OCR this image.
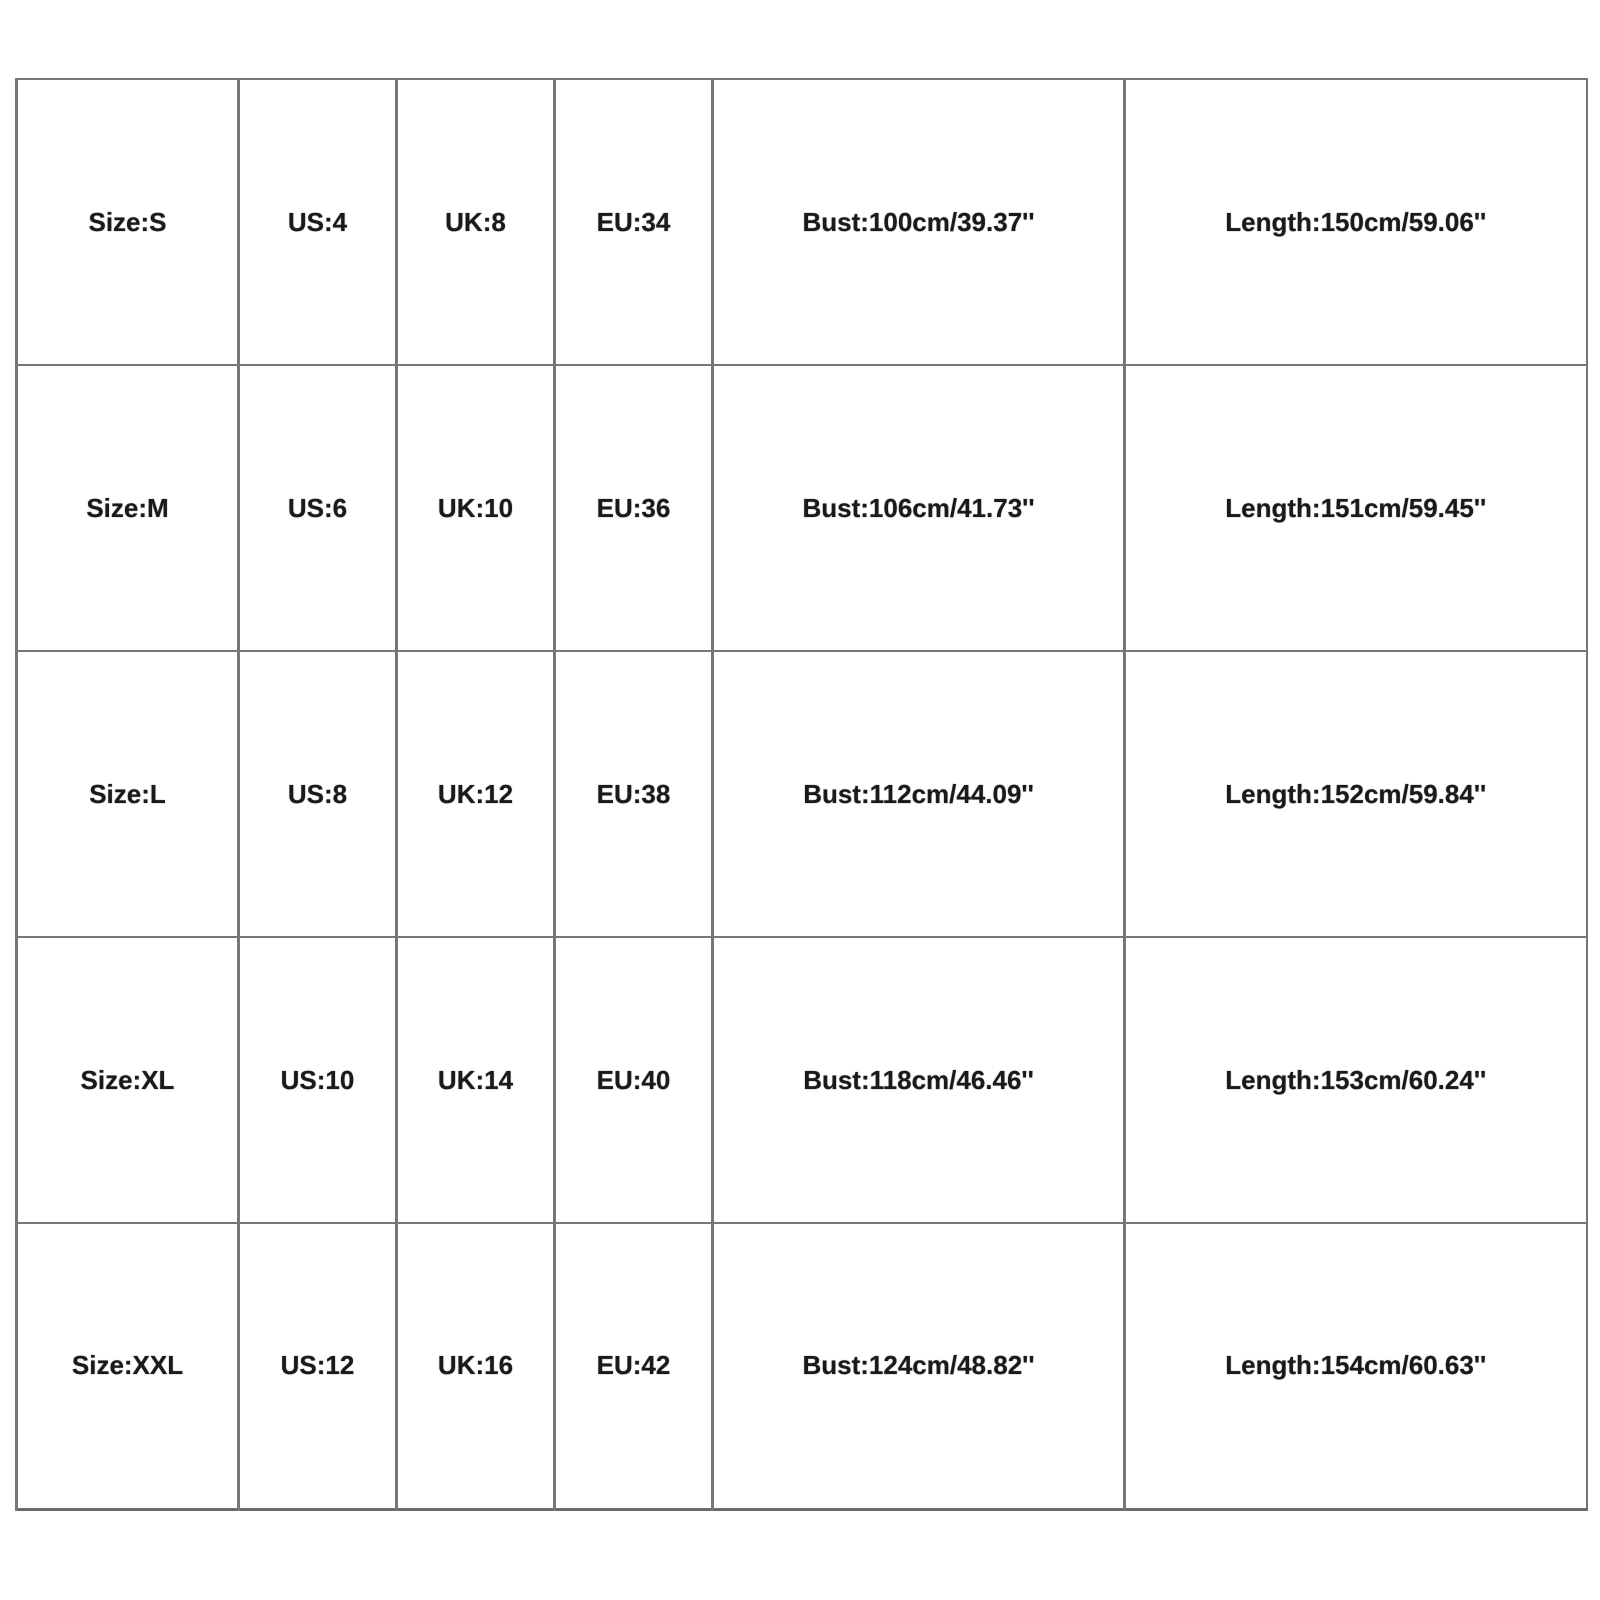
Size:S	US:4	UK:8	EU:34	Bust:100cm/39.37''	Length:150cm/59.06''
Size:M	US:6	UK:10	EU:36	Bust:106cm/41.73''	Length:151cm/59.45''
Size:L	US:8	UK:12	EU:38	Bust:112cm/44.09''	Length:152cm/59.84''
Size:XL	US:10	UK:14	EU:40	Bust:118cm/46.46''	Length:153cm/60.24''
Size:XXL	US:12	UK:16	EU:42	Bust:124cm/48.82''	Length:154cm/60.63''
